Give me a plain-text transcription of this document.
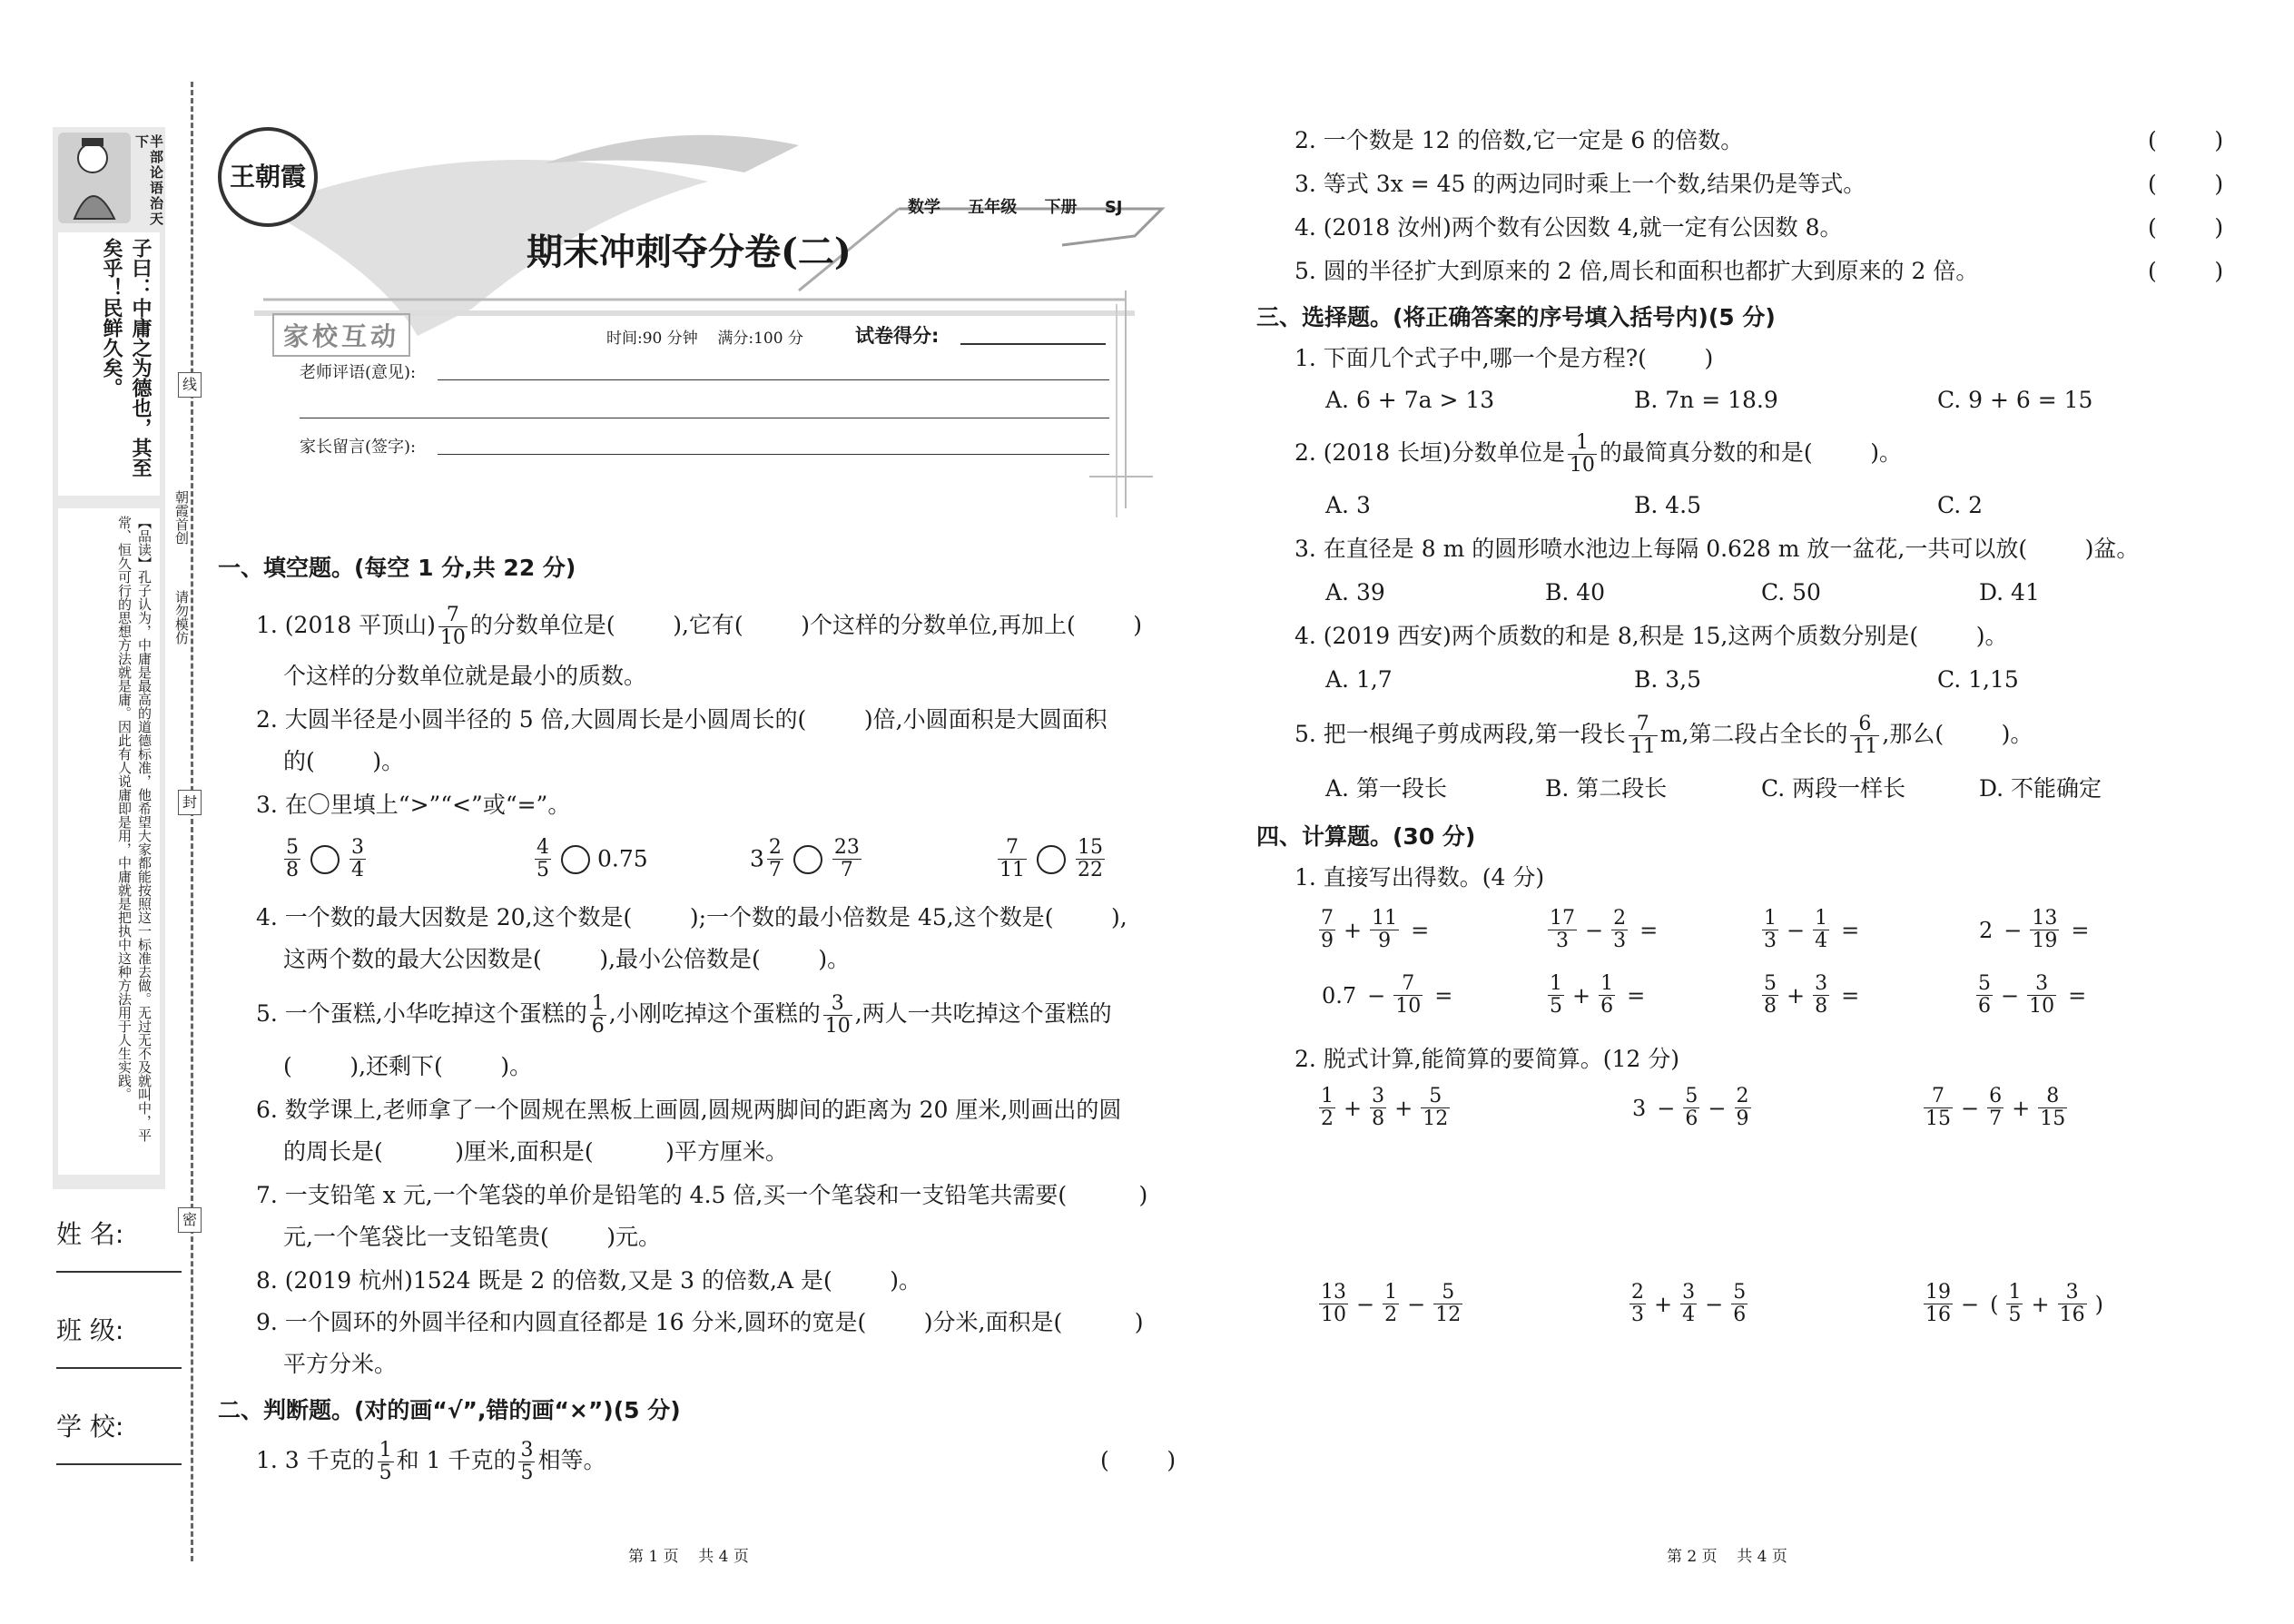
半部论语治天下
子曰：中庸之为德也，其至矣乎！民鲜久矣。
【品读】孔子认为，中庸是最高的道德标准，他希望大家都能按照这一标准去做。无过无不及就叫中，平常、恒久可行的思想方法就是庸。因此有人说庸即是用，中庸就是把执中这种方法用于人生实践。
线
封
密
朝霞首创
请勿模仿
姓 名:
班 级:
学 校:
王朝霞
期末冲刺夺分卷(二)
数学 五年级 下册 SJ
家校互动	时间:90 分钟    满分:100 分	试卷得分:
老师评语(意见):
家长留言(签字):
一、填空题。(每空 1 分,共 22 分)
1. (2018 平顶山) $\frac{7}{10}$ 的分数单位是(        ),它有(        )个这样的分数单位,再加上(        )
个这样的分数单位就是最小的质数。
2. 大圆半径是小圆半径的 5 倍,大圆周长是小圆周长的(        )倍,小圆面积是大圆面积
的(        )。
3. 在〇里填上“>”“<”或“=”。
$\frac{5}{8} \frac{3}{4}$	$\frac{4}{5} 0.75$	$3 \frac{2}{7} \frac{23}{7}$	$\frac{7}{11} \frac{15}{22}$
4. 一个数的最大因数是 20,这个数是(        );一个数的最小倍数是 45,这个数是(        ),
这两个数的最大公因数是(        ),最小公倍数是(        )。
5. 一个蛋糕,小华吃掉这个蛋糕的 $\frac{1}{6}$ ,小刚吃掉这个蛋糕的 $\frac{3}{10}$ ,两人一共吃掉这个蛋糕的
(        ),还剩下(        )。
6. 数学课上,老师拿了一个圆规在黑板上画圆,圆规两脚间的距离为 20 厘米,则画出的圆
的周长是(          )厘米,面积是(          )平方厘米。
7. 一支铅笔 x 元,一个笔袋的单价是铅笔的 4.5 倍,买一个笔袋和一支铅笔共需要(          )
元,一个笔袋比一支铅笔贵(        )元。
8. (2019 杭州)1524 既是 2 的倍数,又是 3 的倍数,A 是(        )。
9. 一个圆环的外圆半径和内圆直径都是 16 分米,圆环的宽是(        )分米,面积是(          )
平方分米。
二、判断题。(对的画“√”,错的画“×”)(5 分)
1. 3 千克的 $\frac{1}{5}$ 和 1 千克的 $\frac{3}{5}$ 相等。	(        )
2. 一个数是 12 的倍数,它一定是 6 的倍数。	(        )
3. 等式 3x = 45 的两边同时乘上一个数,结果仍是等式。	(        )
4. (2018 汝州)两个数有公因数 4,就一定有公因数 8。	(        )
5. 圆的半径扩大到原来的 2 倍,周长和面积也都扩大到原来的 2 倍。	(        )
三、选择题。(将正确答案的序号填入括号内)(5 分)
1. 下面几个式子中,哪一个是方程?(        )
A. 6 + 7a > 13	B. 7n = 18.9	C. 9 + 6 = 15
2. (2018 长垣)分数单位是 $\frac{1}{10}$ 的最简真分数的和是(        )。
A. 3	B. 4.5	C. 2
3. 在直径是 8 m 的圆形喷水池边上每隔 0.628 m 放一盆花,一共可以放(        )盆。
A. 39	B. 40	C. 50	D. 41
4. (2019 西安)两个质数的和是 8,积是 15,这两个质数分别是(        )。
A. 1,7	B. 3,5	C. 1,15
5. 把一根绳子剪成两段,第一段长 $\frac{7}{11} m$,第二段占全长的 $\frac{6}{11}$ ,那么(        )。
A. 第一段长	B. 第二段长	C. 两段一样长	D. 不能确定
四、计算题。(30 分)
1. 直接写出得数。(4 分)
$\frac{7}{9} + \frac{11}{9}$ =	$\frac{17}{3} - \frac{2}{3}$ =	$\frac{1}{3} - \frac{1}{4}$ =	$2 - \frac{13}{19}$ =
$0.7 - \frac{7}{10}$ =	$\frac{1}{5} + \frac{1}{6}$ =	$\frac{5}{8} + \frac{3}{8}$ =	$\frac{5}{6} - \frac{3}{10}$ =
2. 脱式计算,能简算的要简算。(12 分)
$\frac{1}{2} + \frac{3}{8} + \frac{5}{12}$	$3 - \frac{5}{6} - \frac{2}{9}$	$\frac{7}{15} - \frac{6}{7} + \frac{8}{15}$
$\frac{13}{10} - \frac{1}{2} - \frac{5}{12}$	$\frac{2}{3} + \frac{3}{4} - \frac{5}{6}$	$\frac{19}{16}$ − ( $\frac{1}{5} + \frac{3}{16}$ )
第 1 页    共 4 页	第 2 页    共 4 页
